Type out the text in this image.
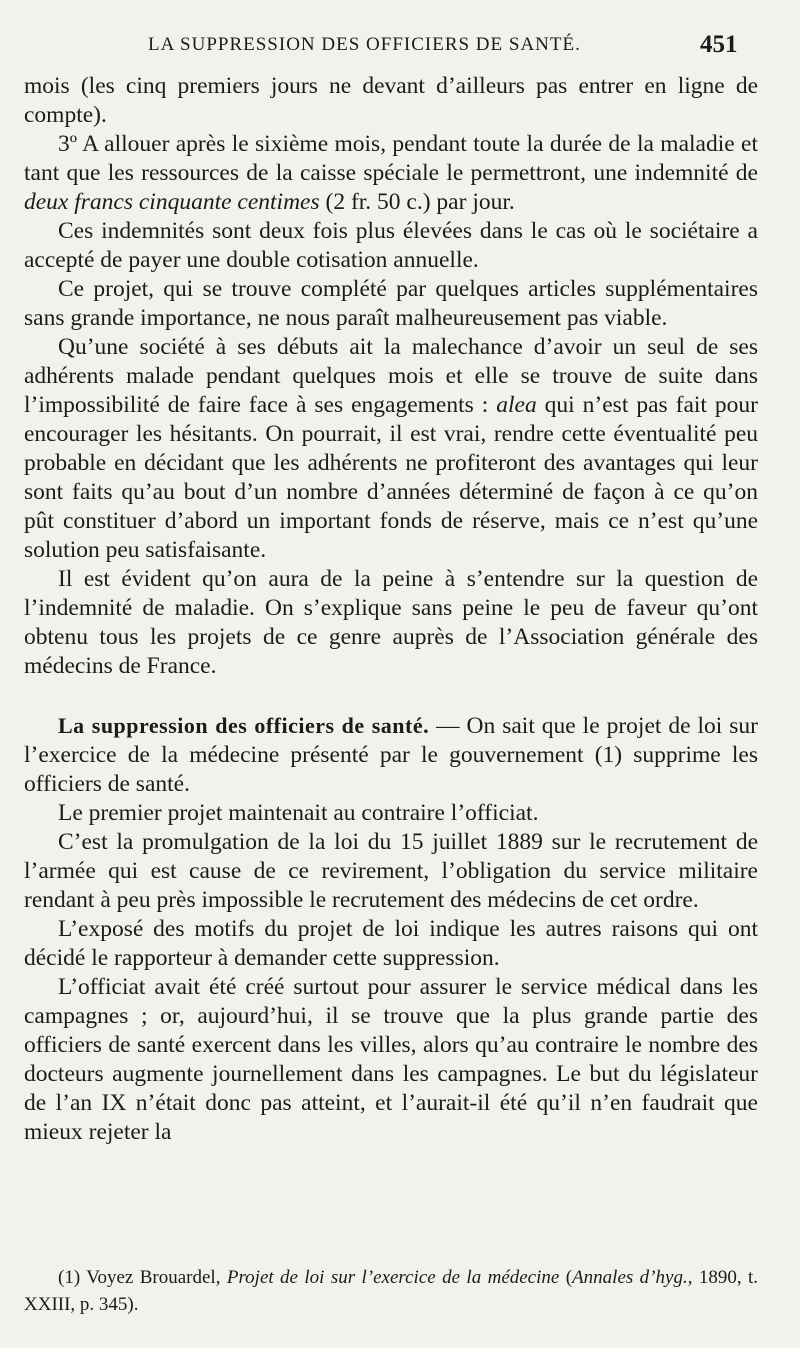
LA SUPPRESSION DES OFFICIERS DE SANTÉ.	451

mois (les cinq premiers jours ne devant d’ailleurs pas entrer en ligne de compte).

3º A allouer après le sixième mois, pendant toute la durée de la maladie et tant que les ressources de la caisse spéciale le permettront, une indemnité de deux francs cinquante centimes (2 fr. 50 c.) par jour.

Ces indemnités sont deux fois plus élevées dans le cas où le sociétaire a accepté de payer une double cotisation annuelle.

Ce projet, qui se trouve complété par quelques articles supplémentaires sans grande importance, ne nous paraît malheureusement pas viable.

Qu’une société à ses débuts ait la malechance d’avoir un seul de ses adhérents malade pendant quelques mois et elle se trouve de suite dans l’impossibilité de faire face à ses engagements : alea qui n’est pas fait pour encourager les hésitants. On pourrait, il est vrai, rendre cette éventualité peu probable en décidant que les adhérents ne profiteront des avantages qui leur sont faits qu’au bout d’un nombre d’années déterminé de façon à ce qu’on pût constituer d’abord un important fonds de réserve, mais ce n’est qu’une solution peu satisfaisante.

Il est évident qu’on aura de la peine à s’entendre sur la question de l’indemnité de maladie. On s’explique sans peine le peu de faveur qu’ont obtenu tous les projets de ce genre auprès de l’Association générale des médecins de France.

La suppression des officiers de santé. — On sait que le projet de loi sur l’exercice de la médecine présenté par le gouvernement (1) supprime les officiers de santé.

Le premier projet maintenait au contraire l’officiat.

C’est la promulgation de la loi du 15 juillet 1889 sur le recrutement de l’armée qui est cause de ce revirement, l’obligation du service militaire rendant à peu près impossible le recrutement des médecins de cet ordre.

L’exposé des motifs du projet de loi indique les autres raisons qui ont décidé le rapporteur à demander cette suppression.

L’officiat avait été créé surtout pour assurer le service médical dans les campagnes ; or, aujourd’hui, il se trouve que la plus grande partie des officiers de santé exercent dans les villes, alors qu’au contraire le nombre des docteurs augmente journellement dans les campagnes. Le but du législateur de l’an IX n’était donc pas atteint, et l’aurait-il été qu’il n’en faudrait que mieux rejeter la

(1) Voyez Brouardel, Projet de loi sur l’exercice de la médecine (Annales d’hyg., 1890, t. XXIII, p. 345).
